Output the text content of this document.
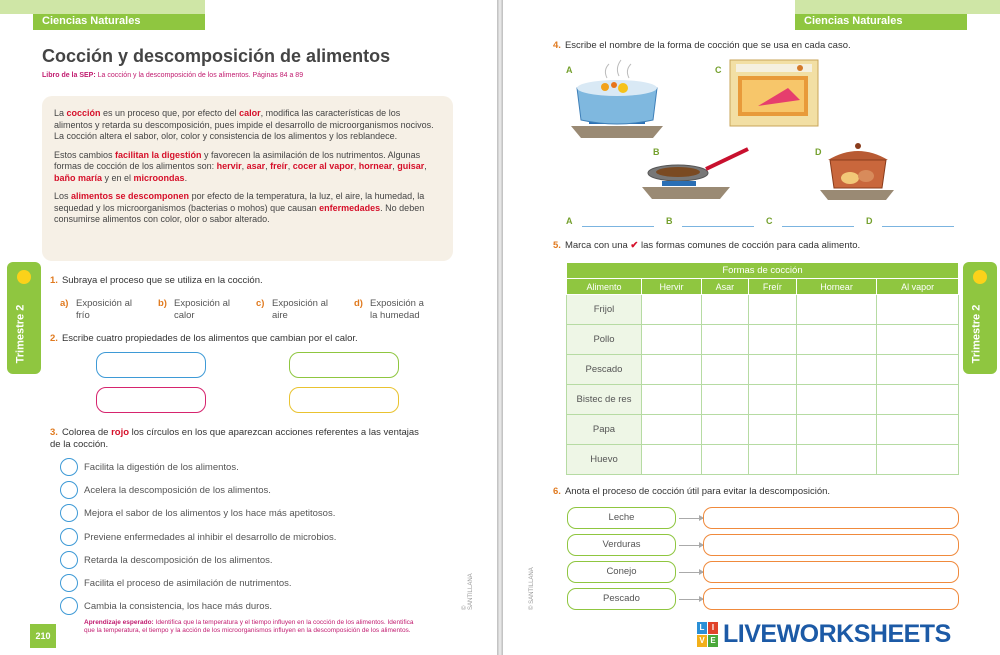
Ciencias Naturales
Cocción y descomposición de alimentos
Libro de la SEP: La cocción y la descomposición de los alimentos. Páginas 84 a 89

La cocción es un proceso que, por efecto del calor, modifica las características de los alimentos y retarda su descomposición, pues impide el desarrollo de microorganismos nocivos. La cocción altera el sabor, olor, color y consistencia de los alimentos y los reblandece.

Estos cambios facilitan la digestión y favorecen la asimilación de los nutrimentos. Algunas formas de cocción de los alimentos son: hervir, asar, freír, cocer al vapor, hornear, guisar, baño maría y en el microondas.

Los alimentos se descomponen por efecto de la temperatura, la luz, el aire, la humedad, la sequedad y los microorganismos (bacterias o mohos) que causan enfermedades. No deben consumirse alimentos con color, olor o sabor alterado.

1. Subraya el proceso que se utiliza en la cocción.
a) Exposición al frío
b) Exposición al calor
c) Exposición al aire
d) Exposición a la humedad
2. Escribe cuatro propiedades de los alimentos que cambian por el calor.
3. Colorea de rojo los círculos en los que aparezcan acciones referentes a las ventajas de la cocción.
Facilita la digestión de los alimentos.
Acelera la descomposición de los alimentos.
Mejora el sabor de los alimentos y los hace más apetitosos.
Previene enfermedades al inhibir el desarrollo de microbios.
Retarda la descomposición de los alimentos.
Facilita el proceso de asimilación de nutrimentos.
Cambia la consistencia, los hace más duros.
Aprendizaje esperado: Identifica que la temperatura y el tiempo influyen en la cocción de los alimentos. Identifica que la temperatura, el tiempo y la acción de los microorganismos influyen en la descomposición de los alimentos.
210
© SANTILLANA
Trimestre 2
Ciencias Naturales
4. Escribe el nombre de la forma de cocción que se usa en cada caso.
A	C
B	D
A	B	C	D
5. Marca con una ✔ las formas comunes de cocción para cada alimento.
Formas de cocción					
Alimento	Hervir	Asar	Freír	Hornear	Al vapor
Frijol					
Pollo					
Pescado					
Bistec de res					
Papa					
Huevo					
6. Anota el proceso de cocción útil para evitar la descomposición.
Leche
Verduras
Conejo
Pescado
© SANTILLANA
Trimestre 2
L I
V E LIVEWORKSHEETS
